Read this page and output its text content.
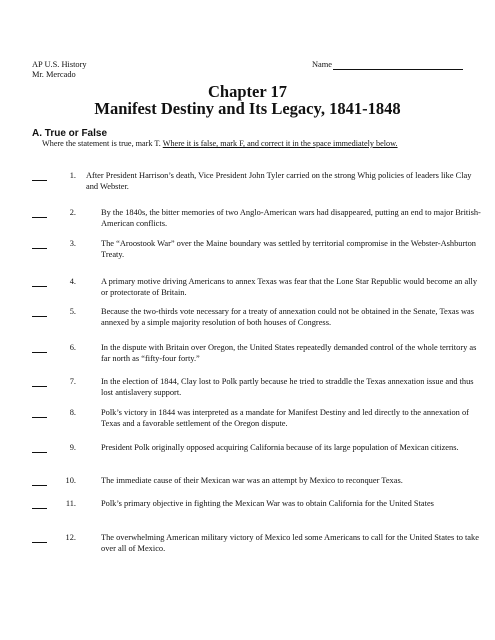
AP U.S. History
Mr. Mercado
Name
Chapter 17
Manifest Destiny and Its Legacy, 1841-1848
A. True or False
Where the statement is true, mark T. Where it is false, mark F, and correct it in the space immediately below.
1. After President Harrison’s death, Vice President John Tyler carried on the strong Whig policies of leaders like Clay and Webster.
2.	By the 1840s, the bitter memories of two Anglo-American wars had disappeared, putting an end to major British-American conflicts.
3.	The “Aroostook War” over the Maine boundary was settled by territorial compromise in the Webster-Ashburton Treaty.
4.	A primary motive driving Americans to annex Texas was fear that the Lone Star Republic would become an ally or protectorate of Britain.
5.	Because the two-thirds vote necessary for a treaty of annexation could not be obtained in the Senate, Texas was annexed by a simple majority resolution of both houses of Congress.
6.	In the dispute with Britain over Oregon, the United States repeatedly demanded control of the whole territory as far north as “fifty-four forty.”
7.	In the election of 1844, Clay lost to Polk partly because he tried to straddle the Texas annexation issue and thus lost antislavery support.
8.	Polk’s victory in 1844 was interpreted as a mandate for Manifest Destiny and led directly to the annexation of Texas and a favorable settlement of the Oregon dispute.
9.	President Polk originally opposed acquiring California because of its large population of Mexican citizens.
10.	The immediate cause of their Mexican war was an attempt by Mexico to reconquer Texas.
11.	Polk’s primary objective in fighting the Mexican War was to obtain California for the United States
12.	The overwhelming American military victory of Mexico led some Americans to call for the United States to take over all of Mexico.
